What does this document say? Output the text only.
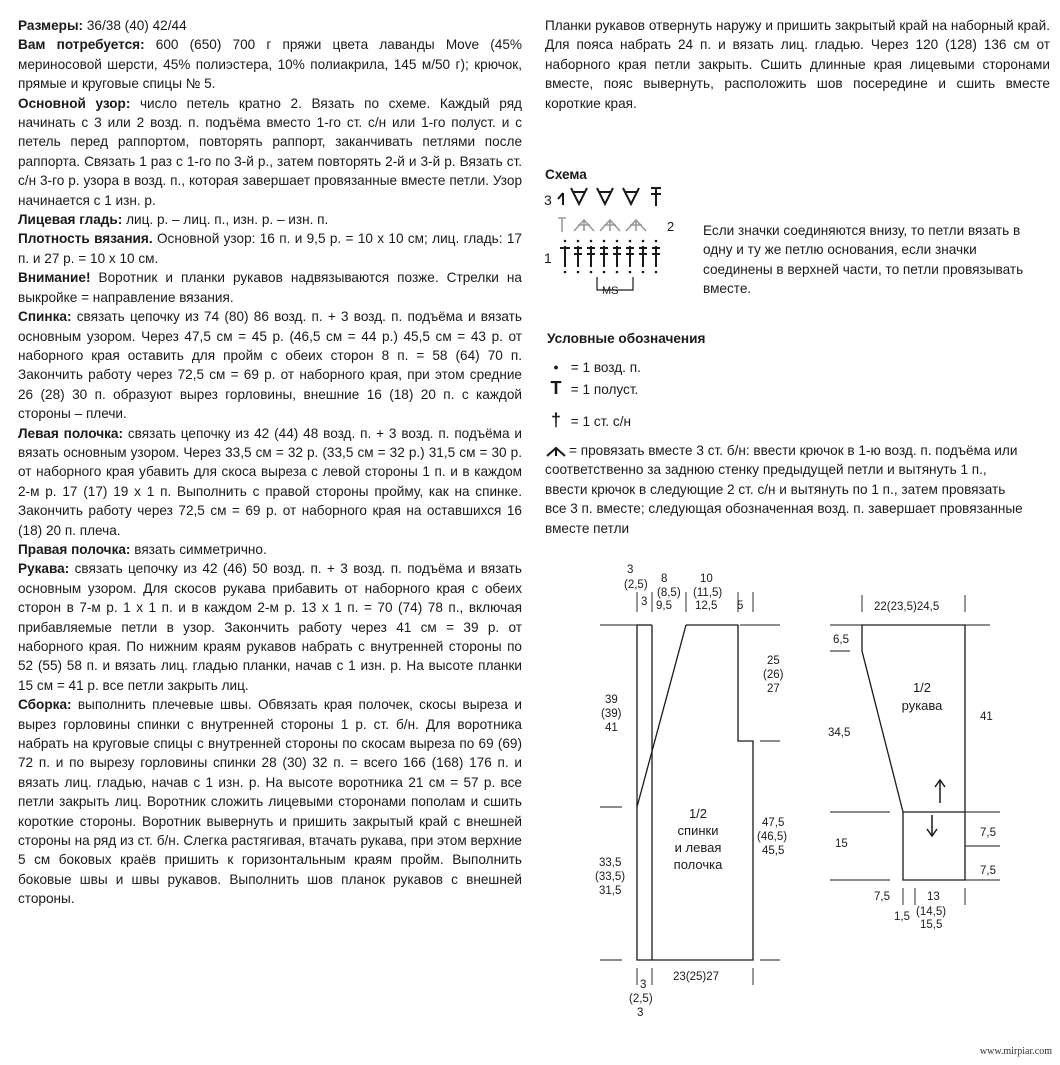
Размеры: 36/38 (40) 42/44

Вам потребуется: 600 (650) 700 г пряжи цвета лаванды Move (45% мериносовой шерсти, 45% полиэстера, 10% полиакрила, 145 м/50 г); крючок, прямые и круговые спицы № 5.

Основной узор: число петель кратно 2. Вязать по схеме. Каждый ряд начинать с 3 или 2 возд. п. подъёма вместо 1-го ст. с/н или 1-го полуст. и с петель перед раппортом, повторять раппорт, заканчивать петлями после раппорта. Связать 1 раз с 1-го по 3-й р., затем повторять 2-й и 3-й р. Вязать ст. с/н 3-го р. узора в возд. п., которая завершает провязанные вместе петли. Узор начинается с 1 изн. р.

Лицевая гладь: лиц. р. – лиц. п., изн. р. – изн. п.

Плотность вязания. Основной узор: 16 п. и 9,5 р. = 10 х 10 см; лиц. гладь: 17 п. и 27 р. = 10 х 10 см.

Внимание! Воротник и планки рукавов надвязываются позже. Стрелки на выкройке = направление вязания.

Спинка: связать цепочку из 74 (80) 86 возд. п. + 3 возд. п. подъёма и вязать основным узором. Через 47,5 см = 45 р. (46,5 см = 44 р.) 45,5 см = 43 р. от наборного края оставить для пройм с обеих сторон 8 п. = 58 (64) 70 п. Закончить работу через 72,5 см = 69 р. от наборного края, при этом средние 26 (28) 30 п. образуют вырез горловины, внешние 16 (18) 20 п. с каждой стороны – плечи.

Левая полочка: связать цепочку из 42 (44) 48 возд. п. + 3 возд. п. подъёма и вязать основным узором. Через 33,5 см = 32 р. (33,5 см = 32 р.) 31,5 см = 30 р. от наборного края убавить для скоса выреза с левой стороны 1 п. и в каждом 2-м р. 17 (17) 19 х 1 п. Выполнить с правой стороны пройму, как на спинке. Закончить работу через 72,5 см = 69 р. от наборного края на оставшихся 16 (18) 20 п. плеча.

Правая полочка: вязать симметрично.

Рукава: связать цепочку из 42 (46) 50 возд. п. + 3 возд. п. подъёма и вязать основным узором. Для скосов рукава прибавить от наборного края с обеих сторон в 7-м р. 1 х 1 п. и в каждом 2-м р. 13 х 1 п. = 70 (74) 78 п., включая прибавляемые петли в узор. Закончить работу через 41 см = 39 р. от наборного края. По нижним краям рукавов набрать с внутренней стороны по 52 (55) 58 п. и вязать лиц. гладью планки, начав с 1 изн. р. На высоте планки 15 см = 41 р. все петли закрыть лиц.

Сборка: выполнить плечевые швы. Обвязать края полочек, скосы выреза и вырез горловины спинки с внутренней стороны 1 р. ст. б/н. Для воротника набрать на круговые спицы с внутренней стороны по скосам выреза по 69 (69) 72 п. и по вырезу горловины спинки 28 (30) 32 п. = всего 166 (168) 176 п. и вязать лиц. гладью, начав с 1 изн. р. На высоте воротника 21 см = 57 р. все петли закрыть лиц. Воротник сложить лицевыми сторонами пополам и сшить короткие стороны. Воротник вывернуть и пришить закрытый край с внешней стороны на ряд из ст. б/н. Слегка растягивая, втачать рукава, при этом верхние 5 см боковых краёв пришить к горизонтальным краям пройм. Выполнить боковые швы и швы рукавов. Выполнить шов планок рукавов с внешней стороны.

Планки рукавов отвернуть наружу и пришить закрытый край на наборный край. Для пояса набрать 24 п. и вязать лиц. гладью. Через 120 (128) 136 см от наборного края петли закрыть. Сшить длинные края лицевыми сторонами вместе, пояс вывернуть, расположить шов посередине и сшить вместе короткие края.

Схема
Если значки соединяются внизу, то петли вязать в одну и ту же петлю основания, если значки соединены в верхней части, то петли провязывать вместе.
Условные обозначения
• = 1 возд. п.
T = 1 полуст.
† = 1 ст. с/н
= провязать вместе 3 ст. б/н: ввести крючок в 1-ю возд. п. подъёма или соответственно за заднюю стенку предыдущей петли и вытянуть 1 п., ввести крючок в следующие 2 ст. с/н и вытянуть по 1 п., затем провязать все 3 п. вместе; следующая обозначенная возд. п. завершает провязанные вместе петли
3
1
2
MS
3
(2,5)
3
8
(8,5)
9,5
10
(11,5)
12,5 5
39
(39)
41
25
(26)
27
47,5
(46,5)
45,5
33,5
(33,5)
31,5
3
(2,5)
3
23(25)27
1/2
спинки
и левая
полочка
22(23,5)24,5
6,5
34,5
15
41
7,5
7,5
7,5	13
1,5 (14,5)
15,5
1/2
рукава
www.mirpiar.com
